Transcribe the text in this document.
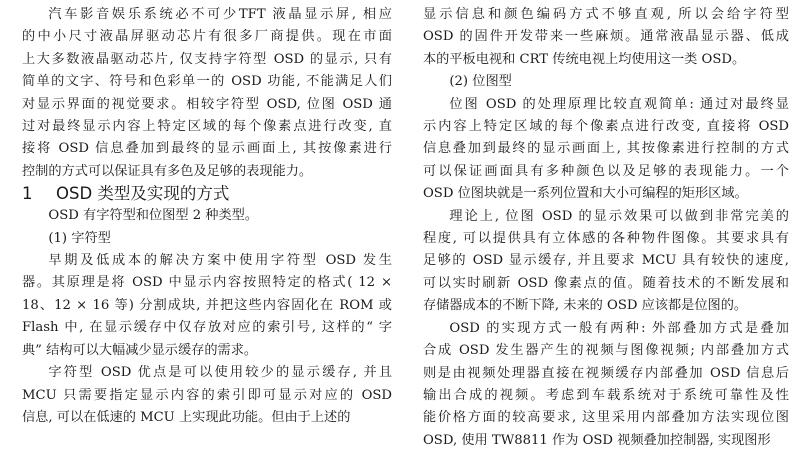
汽车影音娱乐系统必不可少TFT 液晶显示屏, 相应

的中小尺寸液晶屏驱动芯片有很多厂商提供。现在市面

上大多数液晶驱动芯片, 仅支持字符型 OSD 的显示, 只有

简单的文字、符号和色彩单一的 OSD 功能, 不能满足人们

对显示界面的视觉要求。相较字符型 OSD, 位图 OSD 通

过对最终显示内容上特定区域的每个像素点进行改变, 直

接将 OSD 信息叠加到最终的显示画面上, 其按像素进行

控制的方式可以保证具有多色及足够的表现能力。

1 OSD 类型及实现的方式

OSD 有字符型和位图型 2 种类型。

(1) 字符型

早期及低成本的解决方案中使用字符型 OSD 发生

器。其原理是将 OSD 中显示内容按照特定的格式( 12 ×

18、12 × 16 等) 分割成块, 并把这些内容固化在 ROM 或

Flash 中, 在显示缓存中仅存放对应的索引号, 这样的“ 字

典” 结构可以大幅减少显示缓存的需求。

字符型 OSD 优点是可以使用较少的显示缓存, 并且

MCU 只需要指定显示内容的索引即可显示对应的 OSD

信息, 可以在低速的 MCU 上实现此功能。但由于上述的

显示信息和颜色编码方式不够直观, 所以会给字符型

OSD 的固件开发带来一些麻烦。通常液晶显示器、低成

本的平板电视和 CRT 传统电视上均使用这一类 OSD。

(2) 位图型

位图 OSD 的处理原理比较直观简单: 通过对最终显

示内容上特定区域的每个像素点进行改变, 直接将 OSD

信息叠加到最终的显示画面上, 其按像素进行控制的方式

可以保证画面具有多种颜色以及足够的表现能力。一个

OSD 位图块就是一系列位置和大小可编程的矩形区域。

理论上, 位图 OSD 的显示效果可以做到非常完美的

程度, 可以提供具有立体感的各种物件图像。其要求具有

足够的 OSD 显示缓存, 并且要求 MCU 具有较快的速度,

可以实时刷新 OSD 像素点的值。随着技术的不断发展和

存储器成本的不断下降, 未来的 OSD 应该都是位图的。

OSD 的实现方式一般有两种: 外部叠加方式是叠加

合成 OSD 发生器产生的视频与图像视频; 内部叠加方式

则是由视频处理器直接在视频缓存内部叠加 OSD 信息后

输出合成的视频。考虑到车载系统对于系统可靠性及性

能价格方面的较高要求, 这里采用内部叠加方法实现位图

OSD, 使用 TW8811 作为 OSD 视频叠加控制器, 实现图形
